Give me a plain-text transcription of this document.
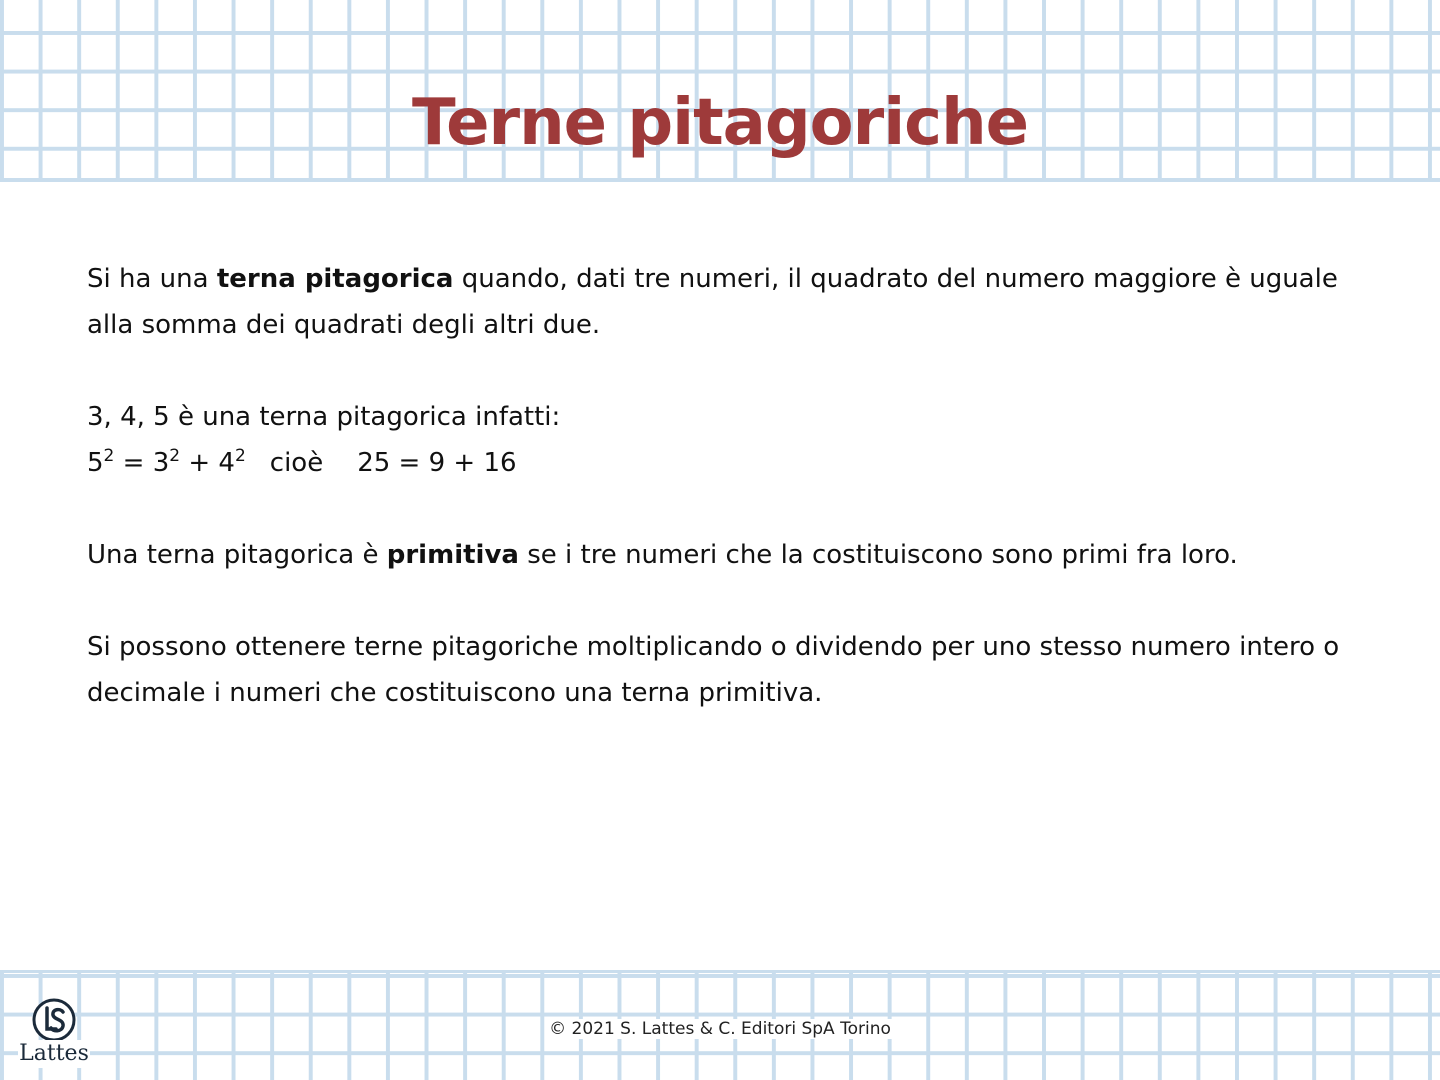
Terne pitagoriche

Si ha una terna pitagorica quando, dati tre numeri, il quadrato del numero maggiore è uguale alla somma dei quadrati degli altri due.

3, 4, 5 è una terna pitagorica infatti:

$5^2 = 3^2 + 4^2$ cioè 25 = 9 + 16

Una terna pitagorica è primitiva se i tre numeri che la costituiscono sono primi fra loro.

Si possono ottenere terne pitagoriche moltiplicando o dividendo per uno stesso numero intero o decimale i numeri che costituiscono una terna primitiva.

Lattes
© 2021 S. Lattes & C. Editori SpA Torino
